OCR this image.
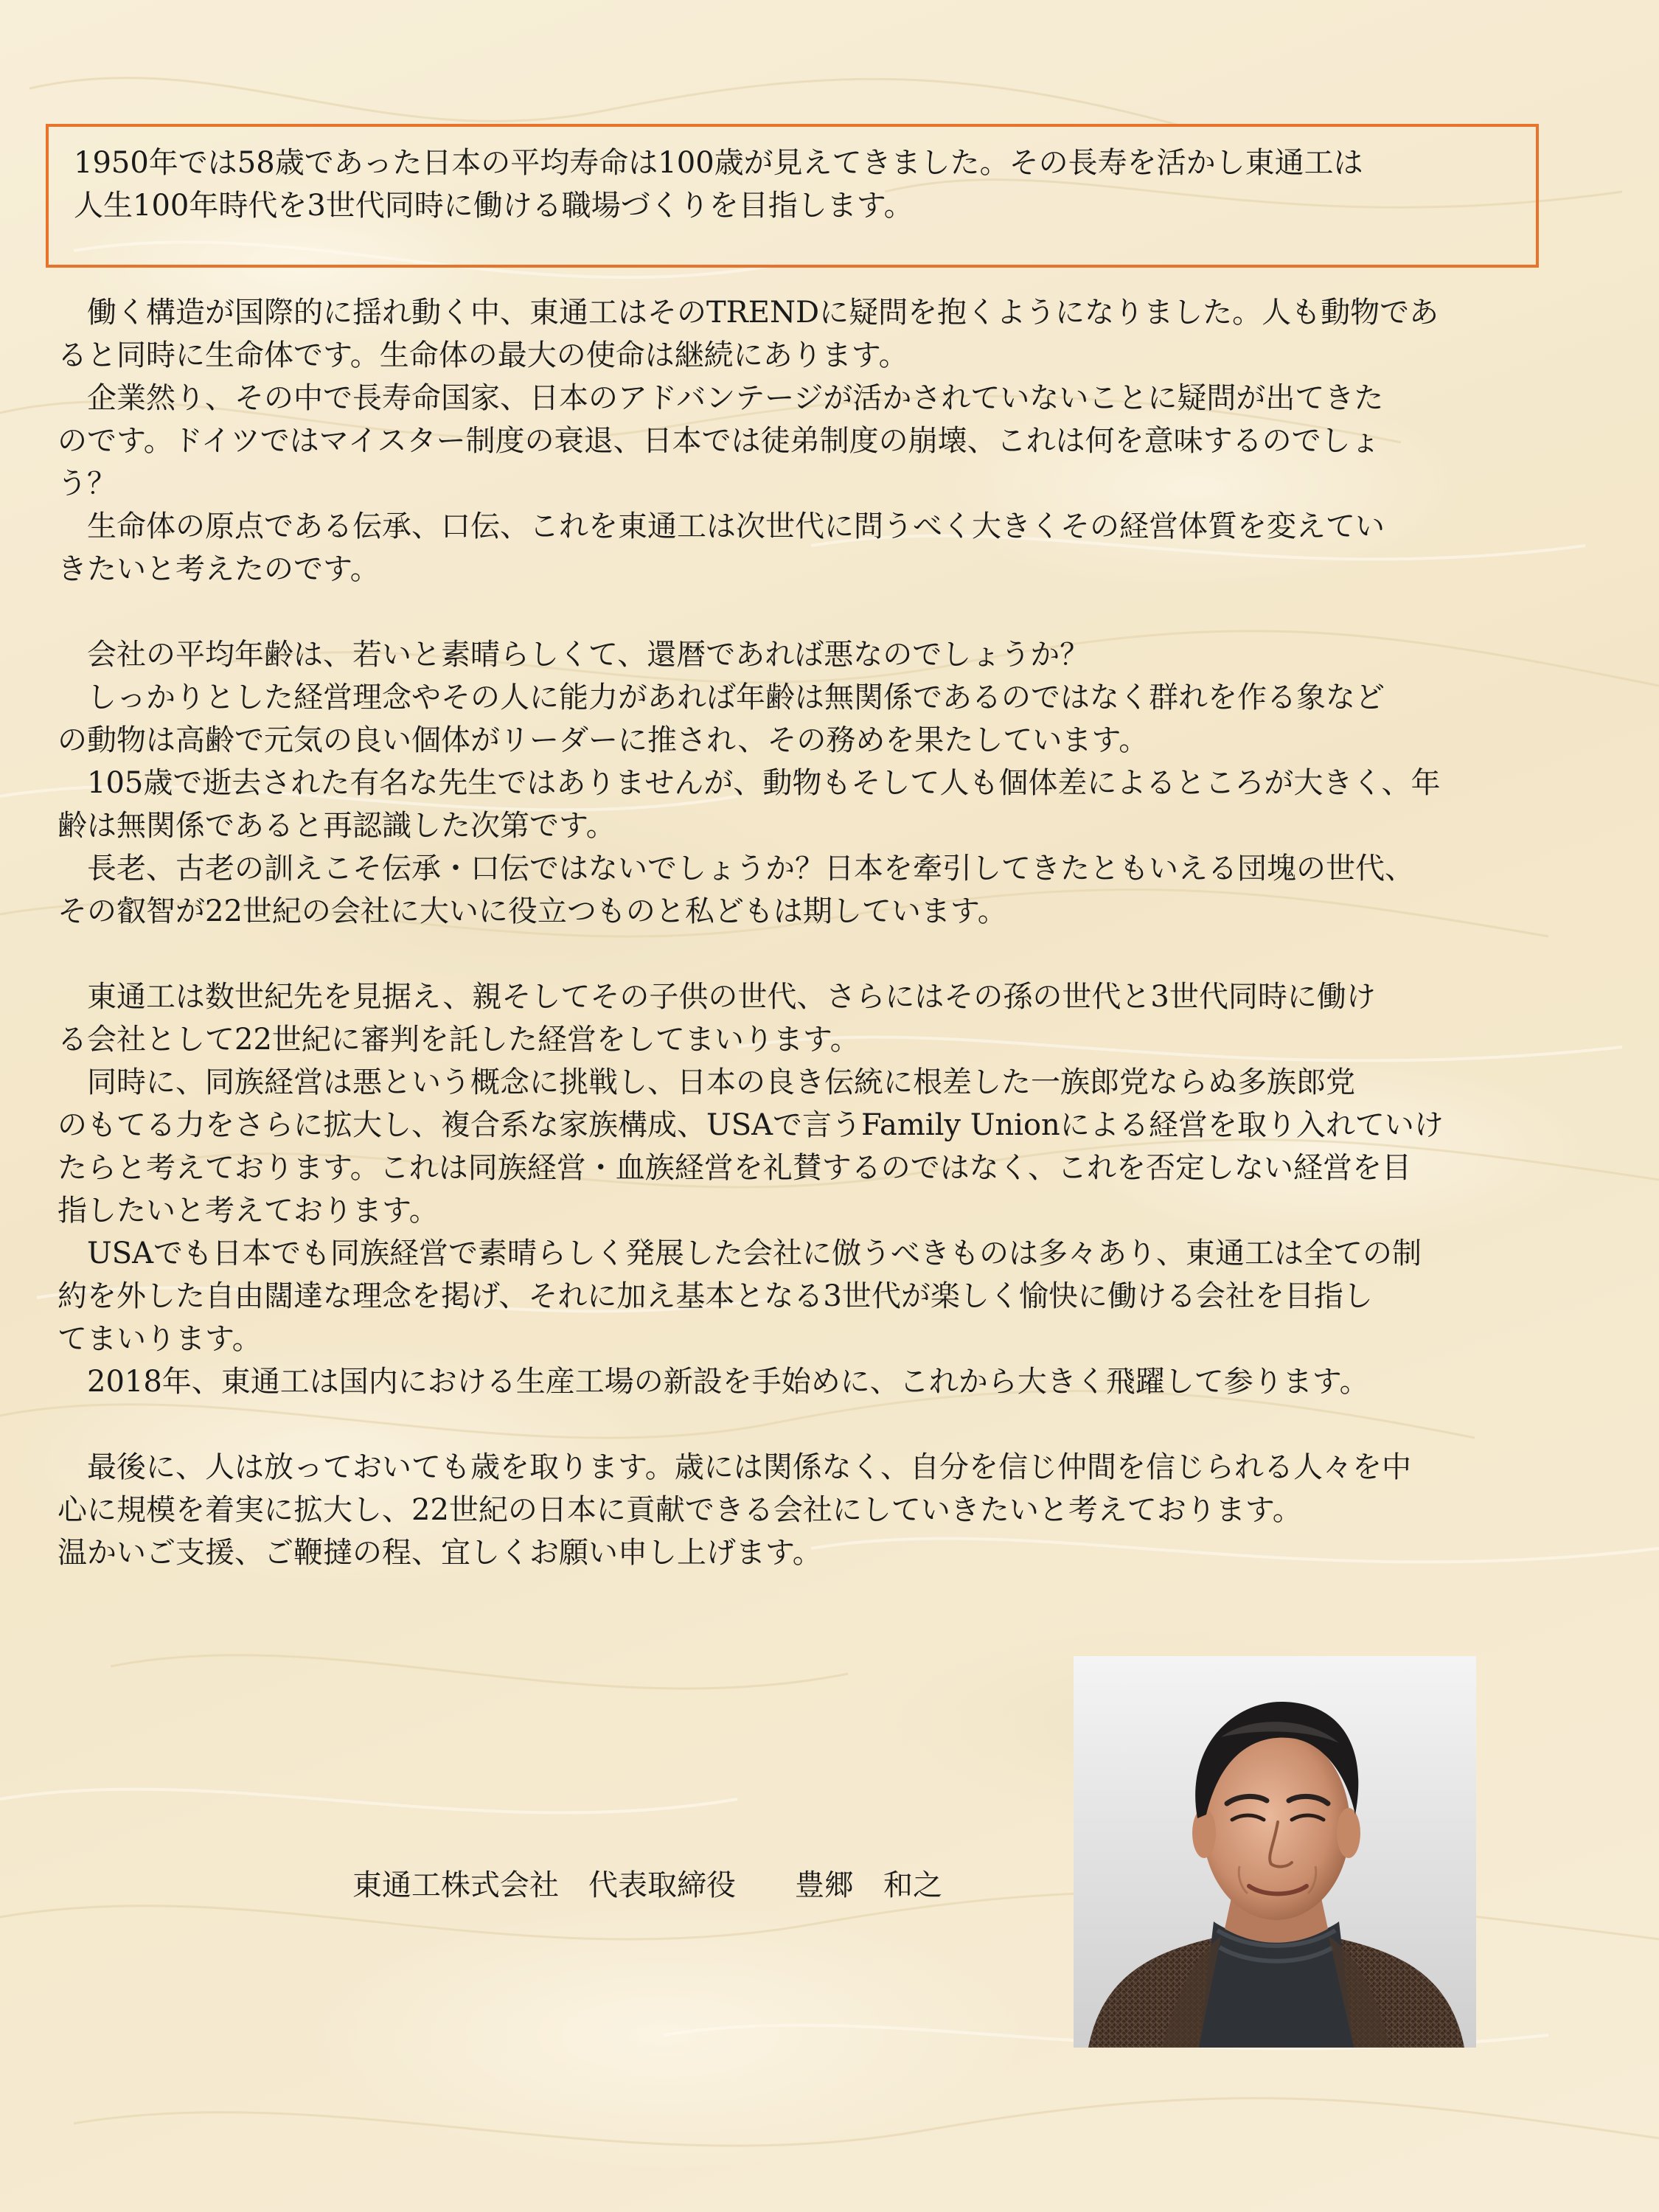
1950年では58歳であった日本の平均寿命は100歳が見えてきました。その長寿を活かし東通工は

人生100年時代を3世代同時に働ける職場づくりを目指します。

　働く構造が国際的に揺れ動く中、東通工はそのTRENDに疑問を抱くようになりました。人も動物であ

ると同時に生命体です。生命体の最大の使命は継続にあります。

　企業然り、その中で長寿命国家、日本のアドバンテージが活かされていないことに疑問が出てきた

のです。ドイツではマイスター制度の衰退、日本では徒弟制度の崩壊、これは何を意味するのでしょ

う？

　生命体の原点である伝承、口伝、これを東通工は次世代に問うべく大きくその経営体質を変えてい

きたいと考えたのです。

　会社の平均年齢は、若いと素晴らしくて、還暦であれば悪なのでしょうか？

　しっかりとした経営理念やその人に能力があれば年齢は無関係であるのではなく群れを作る象など

の動物は高齢で元気の良い個体がリーダーに推され、その務めを果たしています。

　105歳で逝去された有名な先生ではありませんが、動物もそして人も個体差によるところが大きく、年

齢は無関係であると再認識した次第です。

　長老、古老の訓えこそ伝承・口伝ではないでしょうか？日本を牽引してきたともいえる団塊の世代、

その叡智が22世紀の会社に大いに役立つものと私どもは期しています。

　東通工は数世紀先を見据え、親そしてその子供の世代、さらにはその孫の世代と3世代同時に働け

る会社として22世紀に審判を託した経営をしてまいります。

　同時に、同族経営は悪という概念に挑戦し、日本の良き伝統に根差した一族郎党ならぬ多族郎党

のもてる力をさらに拡大し、複合系な家族構成、USAで言うFamily Unionによる経営を取り入れていけ

たらと考えております。これは同族経営・血族経営を礼賛するのではなく、これを否定しない経営を目

指したいと考えております。

　USAでも日本でも同族経営で素晴らしく発展した会社に倣うべきものは多々あり、東通工は全ての制

約を外した自由闊達な理念を掲げ、それに加え基本となる3世代が楽しく愉快に働ける会社を目指し

てまいります。

　2018年、東通工は国内における生産工場の新設を手始めに、これから大きく飛躍して参ります。

　最後に、人は放っておいても歳を取ります。歳には関係なく、自分を信じ仲間を信じられる人々を中

心に規模を着実に拡大し、22世紀の日本に貢献できる会社にしていきたいと考えております。

温かいご支援、ご鞭撻の程、宜しくお願い申し上げます。

東通工株式会社　代表取締役　　豊郷　和之
